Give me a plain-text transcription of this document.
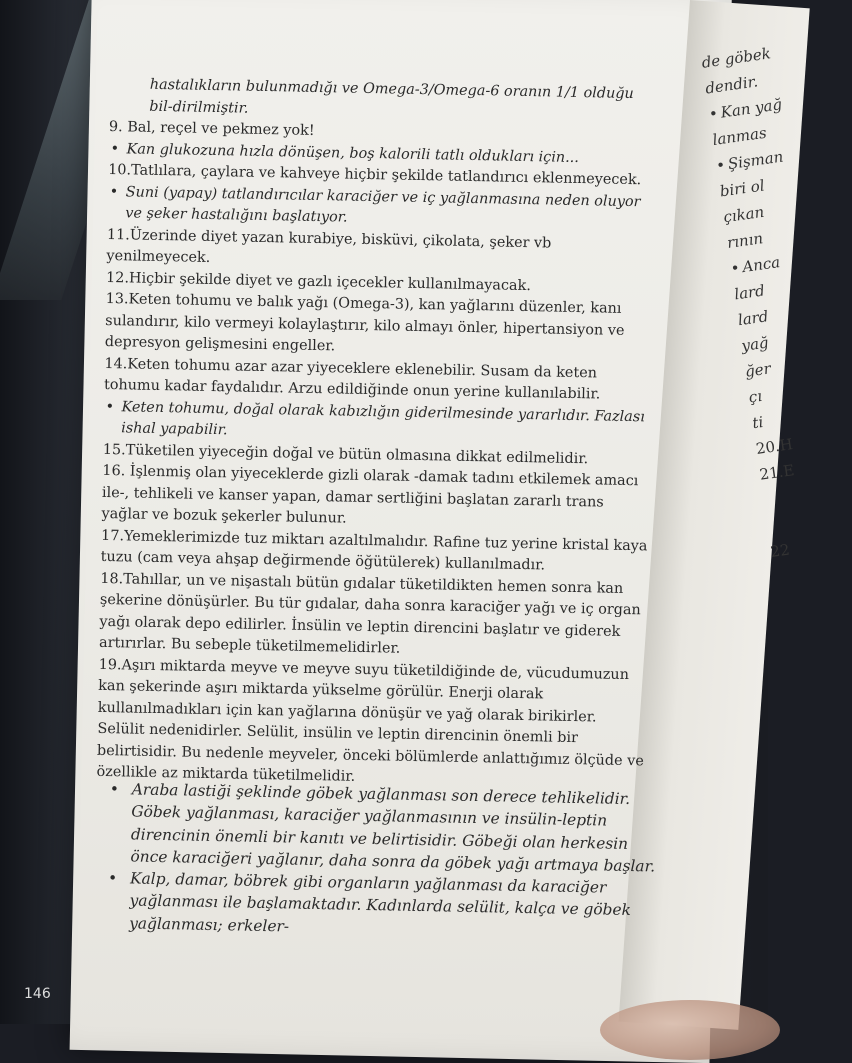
de göbek
dendir.
• Kan yağ
lanmas
• Şişman
biri ol
çıkan
rının
• Anca
lard
lard
yağ
ğer
çı
ti
20.H
21.E
22
hastalıkların bulunmadığı ve Omega-3/Omega-6 oranın 1/1 olduğu bil-dirilmiştir.
9. Bal, reçel ve pekmez yok!
• Kan glukozuna hızla dönüşen, boş kalorili tatlı oldukları için...
10.Tatlılara, çaylara ve kahveye hiçbir şekilde tatlandırıcı eklenmeyecek.
• Suni (yapay) tatlandırıcılar karaciğer ve iç yağlanmasına neden oluyor ve şeker hastalığını başlatıyor.
11.Üzerinde diyet yazan kurabiye, bisküvi, çikolata, şeker vb yenilmeyecek.
12.Hiçbir şekilde diyet ve gazlı içecekler kullanılmayacak.
13.Keten tohumu ve balık yağı (Omega-3), kan yağlarını düzenler, kanı sulandırır, kilo vermeyi kolaylaştırır, kilo almayı önler, hipertansiyon ve depresyon gelişmesini engeller.
14.Keten tohumu azar azar yiyeceklere eklenebilir. Susam da keten tohumu kadar faydalıdır. Arzu edildiğinde onun yerine kullanılabilir.
• Keten tohumu, doğal olarak kabızlığın giderilmesinde yararlıdır. Fazlası ishal yapabilir.
15.Tüketilen yiyeceğin doğal ve bütün olmasına dikkat edilmelidir.
16. İşlenmiş olan yiyeceklerde gizli olarak -damak tadını etkilemek amacı ile-, tehlikeli ve kanser yapan, damar sertliğini başlatan zararlı trans yağlar ve bozuk şekerler bulunur.
17.Yemeklerimizde tuz miktarı azaltılmalıdır. Rafine tuz yerine kristal kaya tuzu (cam veya ahşap değirmende öğütülerek) kullanılmadır.
18.Tahıllar, un ve nişastalı bütün gıdalar tüketildikten hemen sonra kan şekerine dönüşürler. Bu tür gıdalar, daha sonra karaciğer yağı ve iç organ yağı olarak depo edilirler. İnsülin ve leptin direncini başlatır ve giderek artırırlar. Bu sebeple tüketilmemelidirler.
19.Aşırı miktarda meyve ve meyve suyu tüketildiğinde de, vücudumuzun kan şekerinde aşırı miktarda yükselme görülür. Enerji olarak kullanılmadıkları için kan yağlarına dönüşür ve yağ olarak birikirler. Selülit nedenidirler. Selülit, insülin ve leptin direncinin önemli bir belirtisidir. Bu nedenle meyveler, önceki bölümlerde anlattığımız ölçüde ve özellikle az miktarda tüketilmelidir.
• Araba lastiği şeklinde göbek yağlanması son derece tehlikelidir. Göbek yağlanması, karaciğer yağlanmasının ve insülin-leptin direncinin önemli bir kanıtı ve belirtisidir. Göbeği olan herkesin önce karaciğeri yağlanır, daha sonra da göbek yağı artmaya başlar.
• Kalp, damar, böbrek gibi organların yağlanması da karaciğer yağlanması ile başlamaktadır. Kadınlarda selülit, kalça ve göbek yağlanması; erkeler-
146
